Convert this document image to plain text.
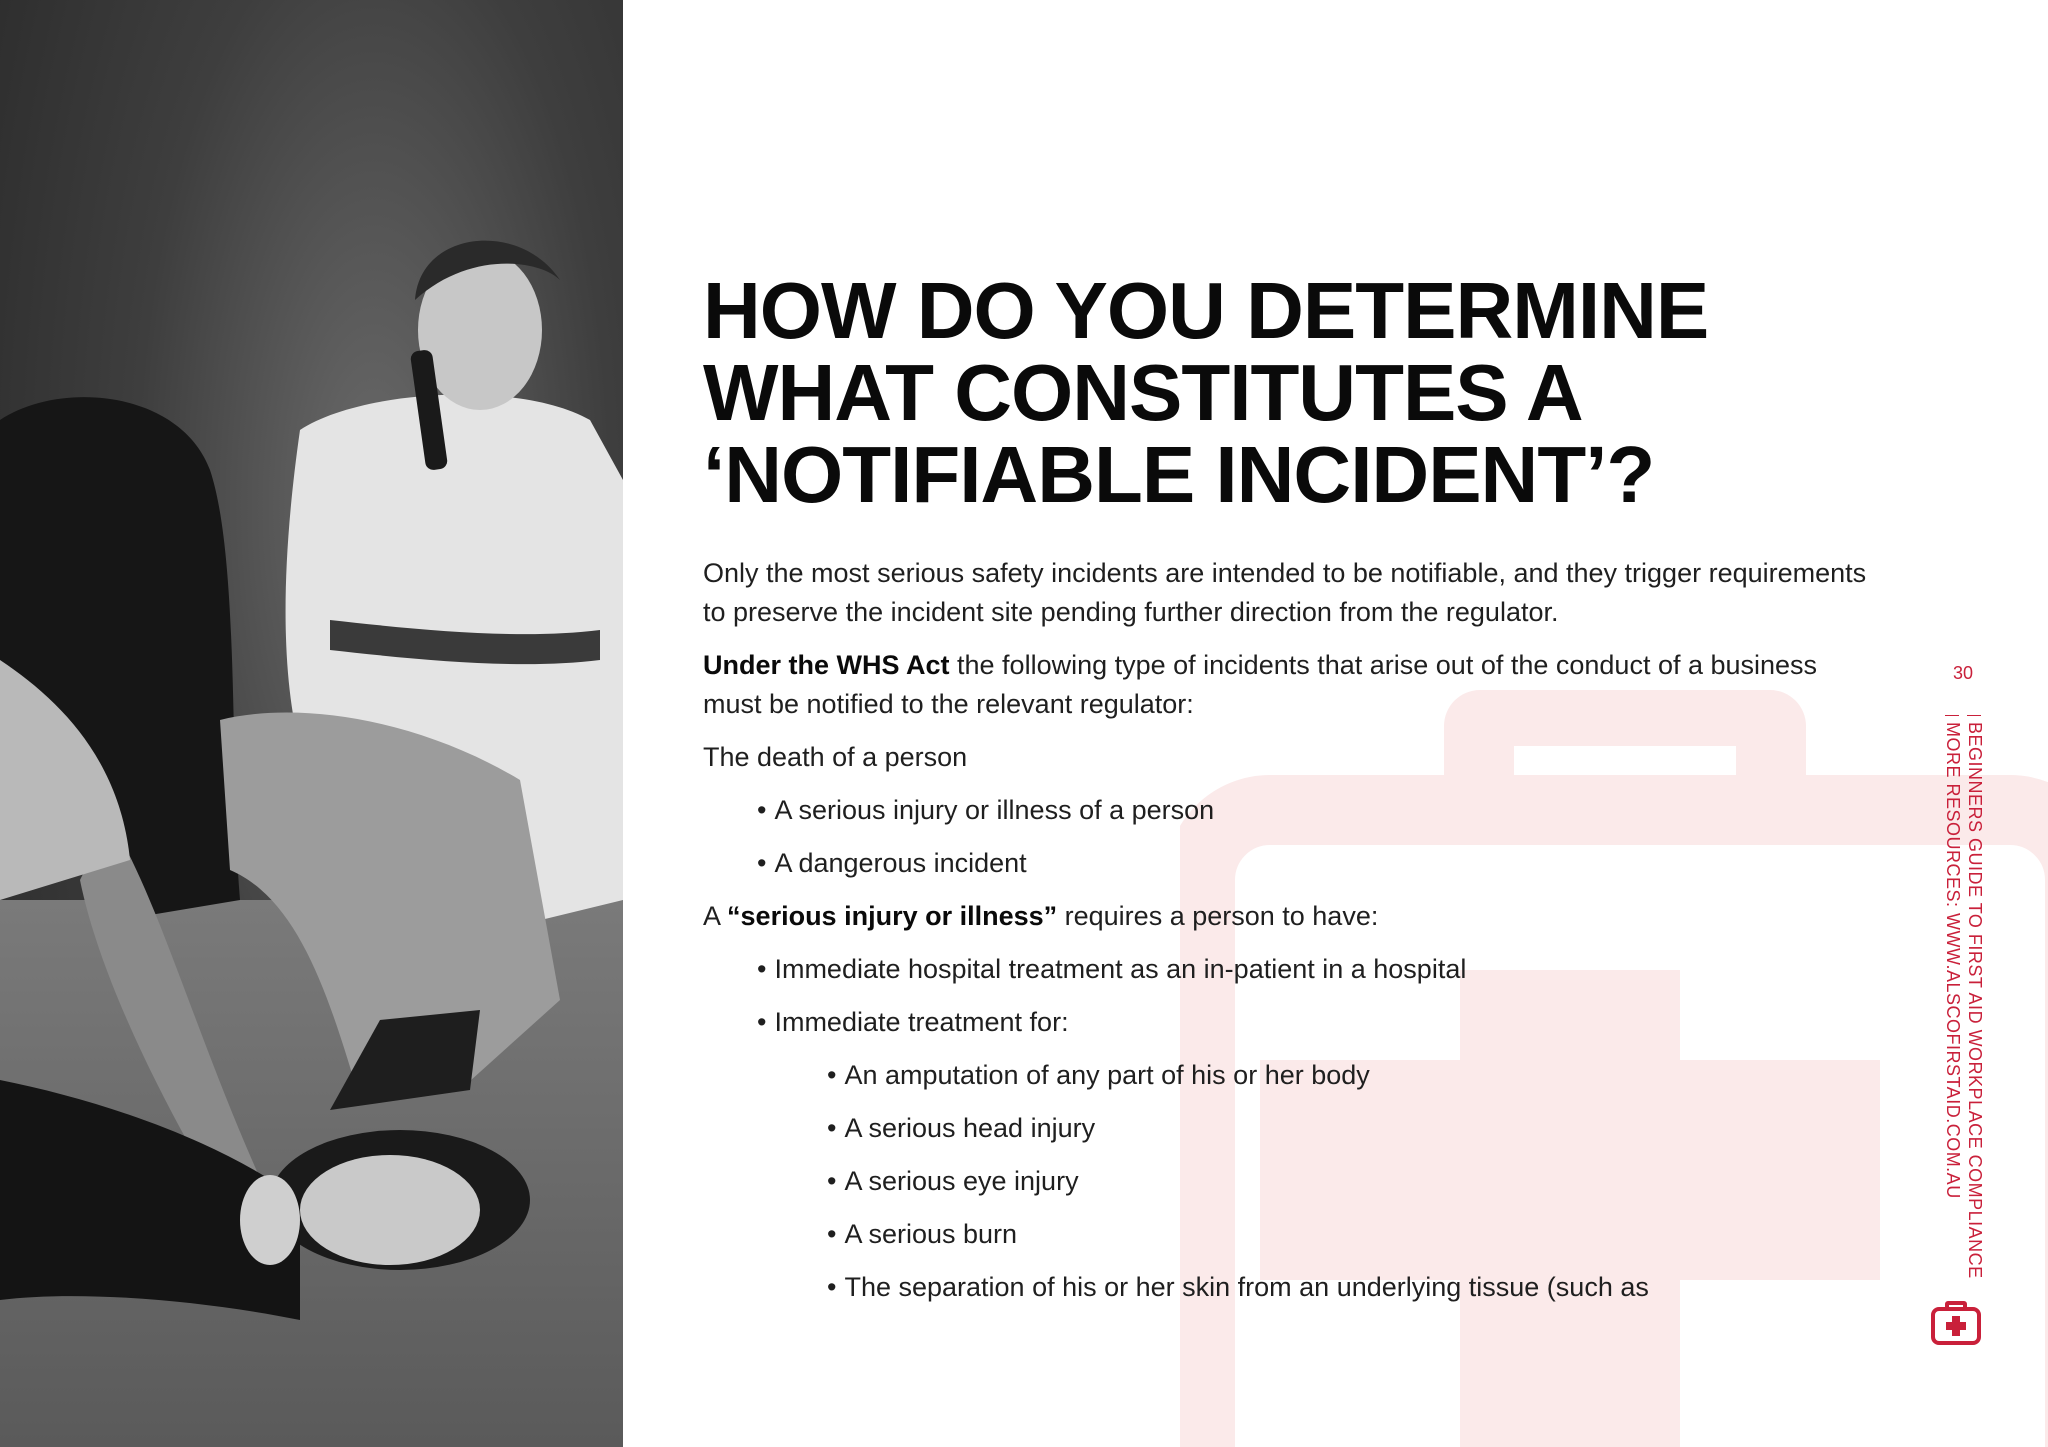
HOW DO YOU DETERMINE
WHAT CONSTITUTES A
‘NOTIFIABLE INCIDENT’?

Only the most serious safety incidents are intended to be notifiable, and they trigger requirements to preserve the incident site pending further direction from the regulator.

Under the WHS Act the following type of incidents that arise out of the conduct of a business must be notified to the relevant regulator:

The death of a person

• A serious injury or illness of a person

• A dangerous incident

A “serious injury or illness” requires a person to have:

• Immediate hospital treatment as an in-patient in a hospital

• Immediate treatment for:

• An amputation of any part of his or her body

• A serious head injury

• A serious eye injury

• A serious burn

• The separation of his or her skin from an underlying tissue (such as

30
BEGINNERS GUIDE TO FIRST AID WORKPLACE COMPLIANCE
MORE RESOURCES: WWW.ALSCOFIRSTAID.COM.AU
